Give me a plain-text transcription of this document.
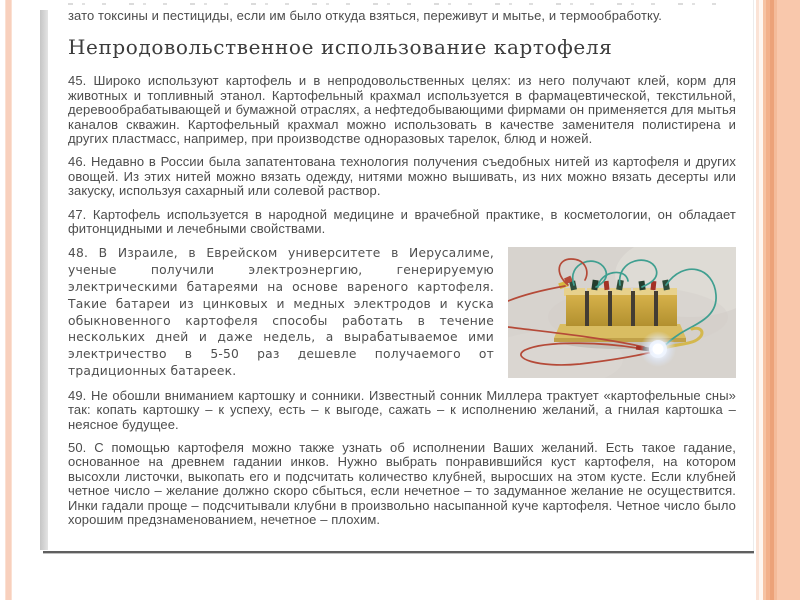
зато токсины и пестициды, если им было откуда взяться, переживут и мытье, и термообработку.

Непродовольственное использование картофеля

45. Широко используют картофель и в непродовольственных целях: из него получают клей, корм для животных и топливный этанол. Картофельный крахмал используется в фармацевтической, текстильной, деревообрабатывающей и бумажной отраслях, а нефтедобывающими фирмами он применяется для мытья каналов скважин. Картофельный крахмал можно использовать в качестве заменителя полистирена и других пластмасс, например, при производстве одноразовых тарелок, блюд и ножей.

46. Недавно в России была запатентована технология получения съедобных нитей из картофеля и других овощей. Из этих нитей можно вязать одежду, нитями можно вышивать, из них можно вязать десерты или закуску, используя сахарный или солевой раствор.

47. Картофель используется в народной медицине и врачебной практике, в косметологии, он обладает фитонцидными и лечебными свойствами.

48. В Израиле, в Еврейском университете в Иерусалиме, ученые получили электроэнергию, генерируемую электрическими батареями на основе вареного картофеля. Такие батареи из цинковых и медных электродов и куска обыкновенного картофеля способы работать в течение нескольких дней и даже недель, а вырабатываемое ими электричество в 5-50 раз дешевле получаемого от традиционных батареек.

49. Не обошли вниманием картошку и сонники. Известный сонник Миллера трактует «картофельные сны» так: копать картошку – к успеху, есть – к выгоде, сажать – к исполнению желаний, а гнилая картошка – неясное будущее.

50. С помощью картофеля можно также узнать об исполнении Ваших желаний. Есть такое гадание, основанное на древнем гадании инков. Нужно выбрать понравившийся куст картофеля, на котором высохли листочки, выкопать его и подсчитать количество клубней, выросших на этом кусте. Если клубней четное число – желание должно скоро сбыться, если нечетное – то задуманное желание не осуществится. Инки гадали проще – подсчитывали клубни в произвольно насыпанной куче картофеля. Четное число было хорошим предзнаменованием, нечетное – плохим.
